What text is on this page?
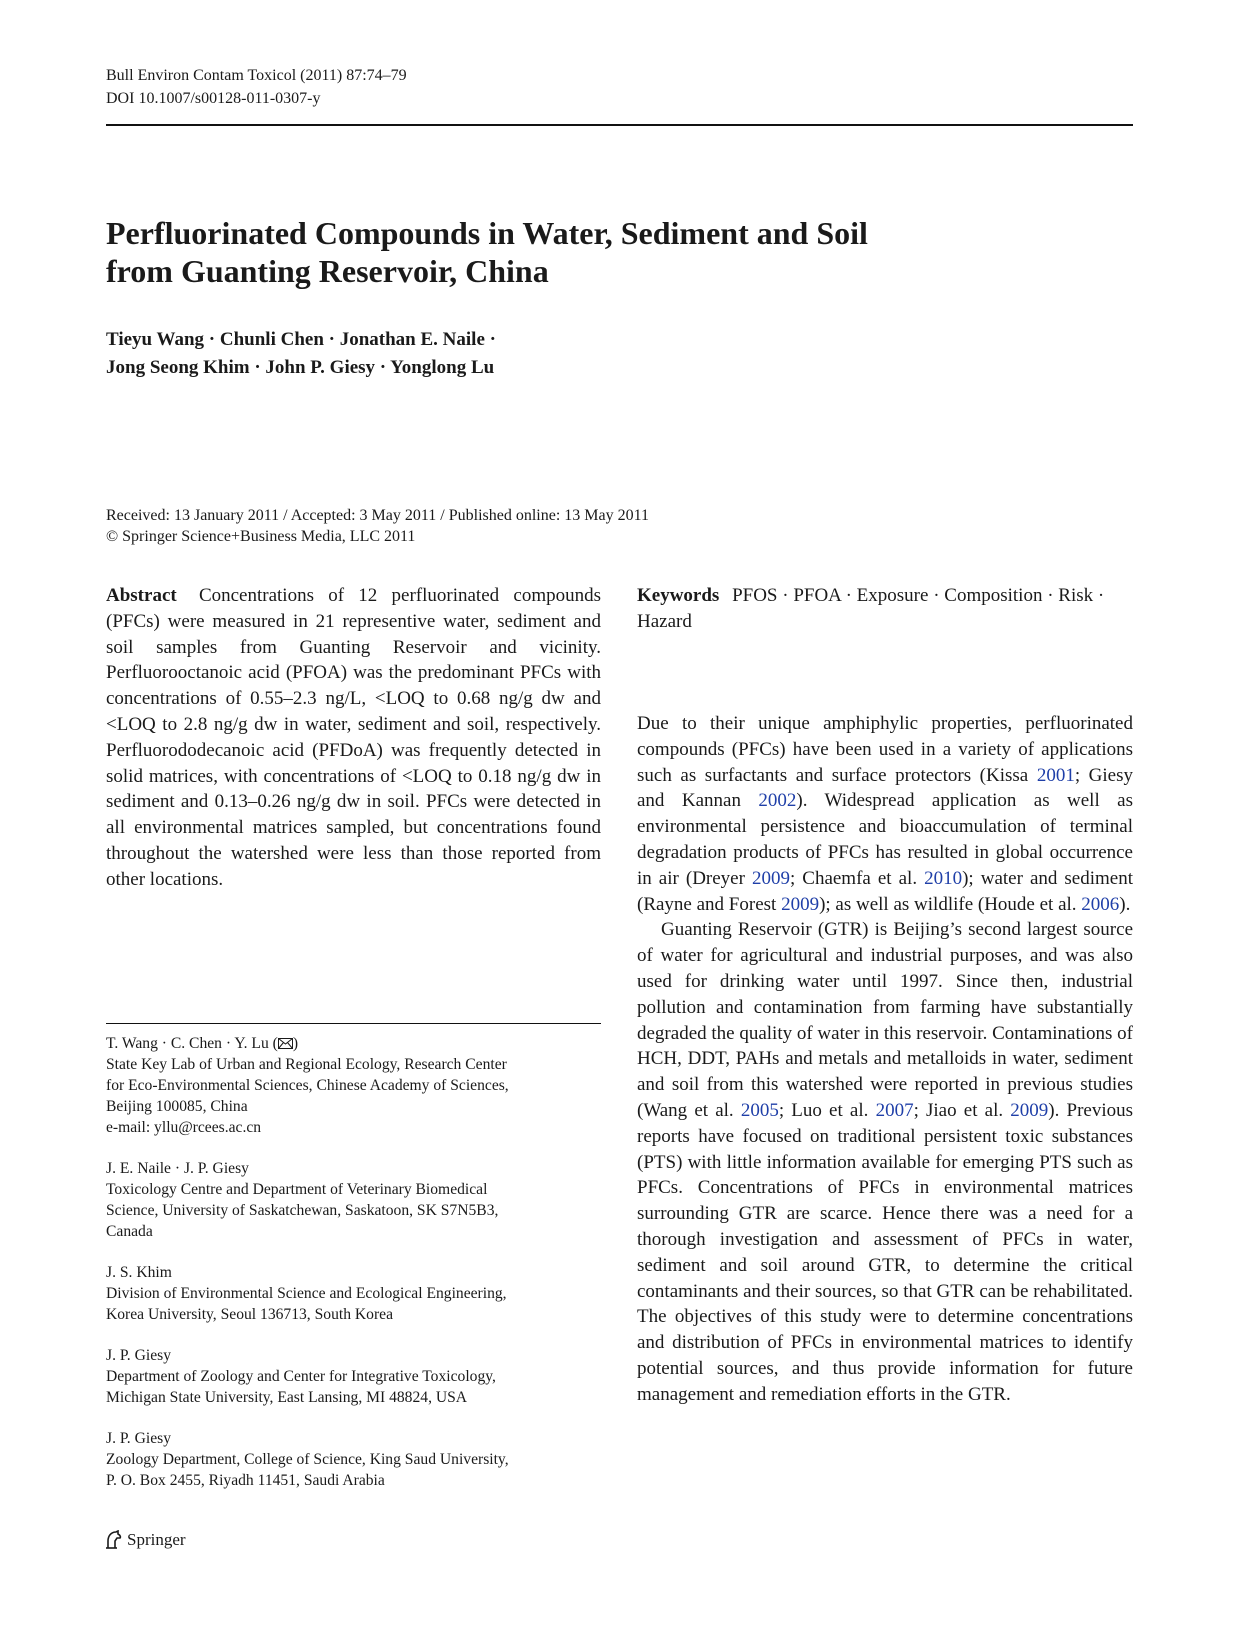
Bull Environ Contam Toxicol (2011) 87:74–79
DOI 10.1007/s00128-011-0307-y
Perfluorinated Compounds in Water, Sediment and Soil
from Guanting Reservoir, China
Tieyu Wang · Chunli Chen · Jonathan E. Naile ·
Jong Seong Khim · John P. Giesy · Yonglong Lu
Received: 13 January 2011 / Accepted: 3 May 2011 / Published online: 13 May 2011
© Springer Science+Business Media, LLC 2011
Abstract Concentrations of 12 perfluorinated compounds (PFCs) were measured in 21 representive water, sediment and soil samples from Guanting Reservoir and vicinity. Perfluorooctanoic acid (PFOA) was the predominant PFCs with concentrations of 0.55–2.3 ng/L, <LOQ to 0.68 ng/g dw and <LOQ to 2.8 ng/g dw in water, sediment and soil, respectively. Perfluorododecanoic acid (PFDoA) was frequently detected in solid matrices, with concentrations of <LOQ to 0.18 ng/g dw in sediment and 0.13–0.26 ng/g dw in soil. PFCs were detected in all environmental matrices sampled, but concentrations found throughout the watershed were less than those reported from other locations.
Keywords PFOS · PFOA · Exposure · Composition · Risk · Hazard

Due to their unique amphiphylic properties, perfluorinated compounds (PFCs) have been used in a variety of applications such as surfactants and surface protectors (Kissa 2001; Giesy and Kannan 2002). Widespread application as well as environmental persistence and bioaccumulation of terminal degradation products of PFCs has resulted in global occurrence in air (Dreyer 2009; Chaemfa et al. 2010); water and sediment (Rayne and Forest 2009); as well as wildlife (Houde et al. 2006).

Guanting Reservoir (GTR) is Beijing’s second largest source of water for agricultural and industrial purposes, and was also used for drinking water until 1997. Since then, industrial pollution and contamination from farming have substantially degraded the quality of water in this reservoir. Contaminations of HCH, DDT, PAHs and metals and metalloids in water, sediment and soil from this watershed were reported in previous studies (Wang et al. 2005; Luo et al. 2007; Jiao et al. 2009). Previous reports have focused on traditional persistent toxic substances (PTS) with little information available for emerging PTS such as PFCs. Concentrations of PFCs in environmental matrices surrounding GTR are scarce. Hence there was a need for a thorough investigation and assessment of PFCs in water, sediment and soil around GTR, to determine the critical contaminants and their sources, so that GTR can be rehabilitated. The objectives of this study were to determine concentrations and distribution of PFCs in environmental matrices to identify potential sources, and thus provide information for future management and remediation efforts in the GTR.

T. Wang · C. Chen · Y. Lu ( )
State Key Lab of Urban and Regional Ecology, Research Center
for Eco-Environmental Sciences, Chinese Academy of Sciences,
Beijing 100085, China
e-mail: yllu@rcees.ac.cn
J. E. Naile · J. P. Giesy
Toxicology Centre and Department of Veterinary Biomedical
Science, University of Saskatchewan, Saskatoon, SK S7N5B3,
Canada
J. S. Khim
Division of Environmental Science and Ecological Engineering,
Korea University, Seoul 136713, South Korea
J. P. Giesy
Department of Zoology and Center for Integrative Toxicology,
Michigan State University, East Lansing, MI 48824, USA
J. P. Giesy
Zoology Department, College of Science, King Saud University,
P. O. Box 2455, Riyadh 11451, Saudi Arabia
Springer
